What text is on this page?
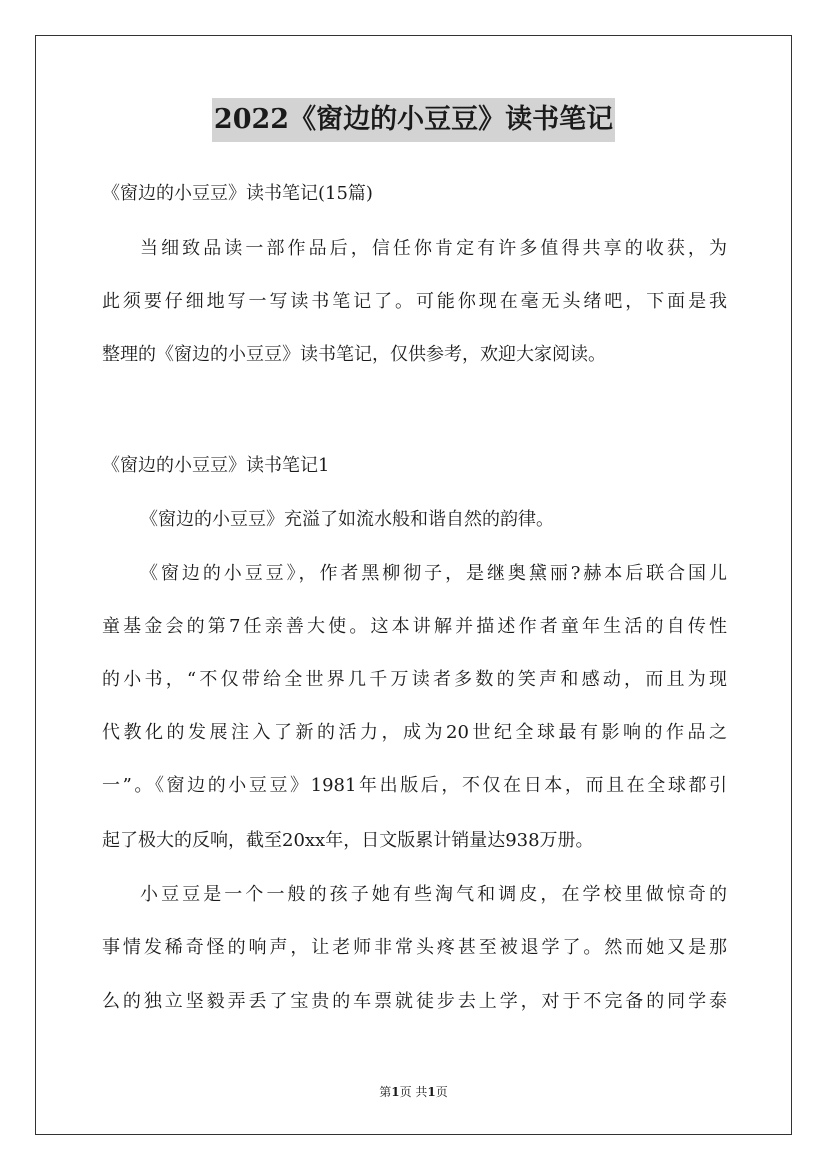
2022《窗边的小豆豆》读书笔记
《窗边的小豆豆》读书笔记(15篇)
当细致品读一部作品后，信任你肯定有许多值得共享的收获，为
此须要仔细地写一写读书笔记了。可能你现在毫无头绪吧，下面是我
整理的《窗边的小豆豆》读书笔记，仅供参考，欢迎大家阅读。
《窗边的小豆豆》读书笔记1
《窗边的小豆豆》充溢了如流水般和谐自然的韵律。
《窗边的小豆豆》，作者黑柳彻子，是继奥黛丽?赫本后联合国儿
童基金会的第7任亲善大使。这本讲解并描述作者童年生活的自传性
的小书，“不仅带给全世界几千万读者多数的笑声和感动，而且为现
代教化的发展注入了新的活力，成为20世纪全球最有影响的作品之
一”。《窗边的小豆豆》1981年出版后，不仅在日本，而且在全球都引
起了极大的反响，截至20xx年，日文版累计销量达938万册。
小豆豆是一个一般的孩子她有些淘气和调皮，在学校里做惊奇的
事情发稀奇怪的响声，让老师非常头疼甚至被退学了。然而她又是那
么的独立坚毅弄丢了宝贵的车票就徒步去上学，对于不完备的同学泰
第1页 共1页
